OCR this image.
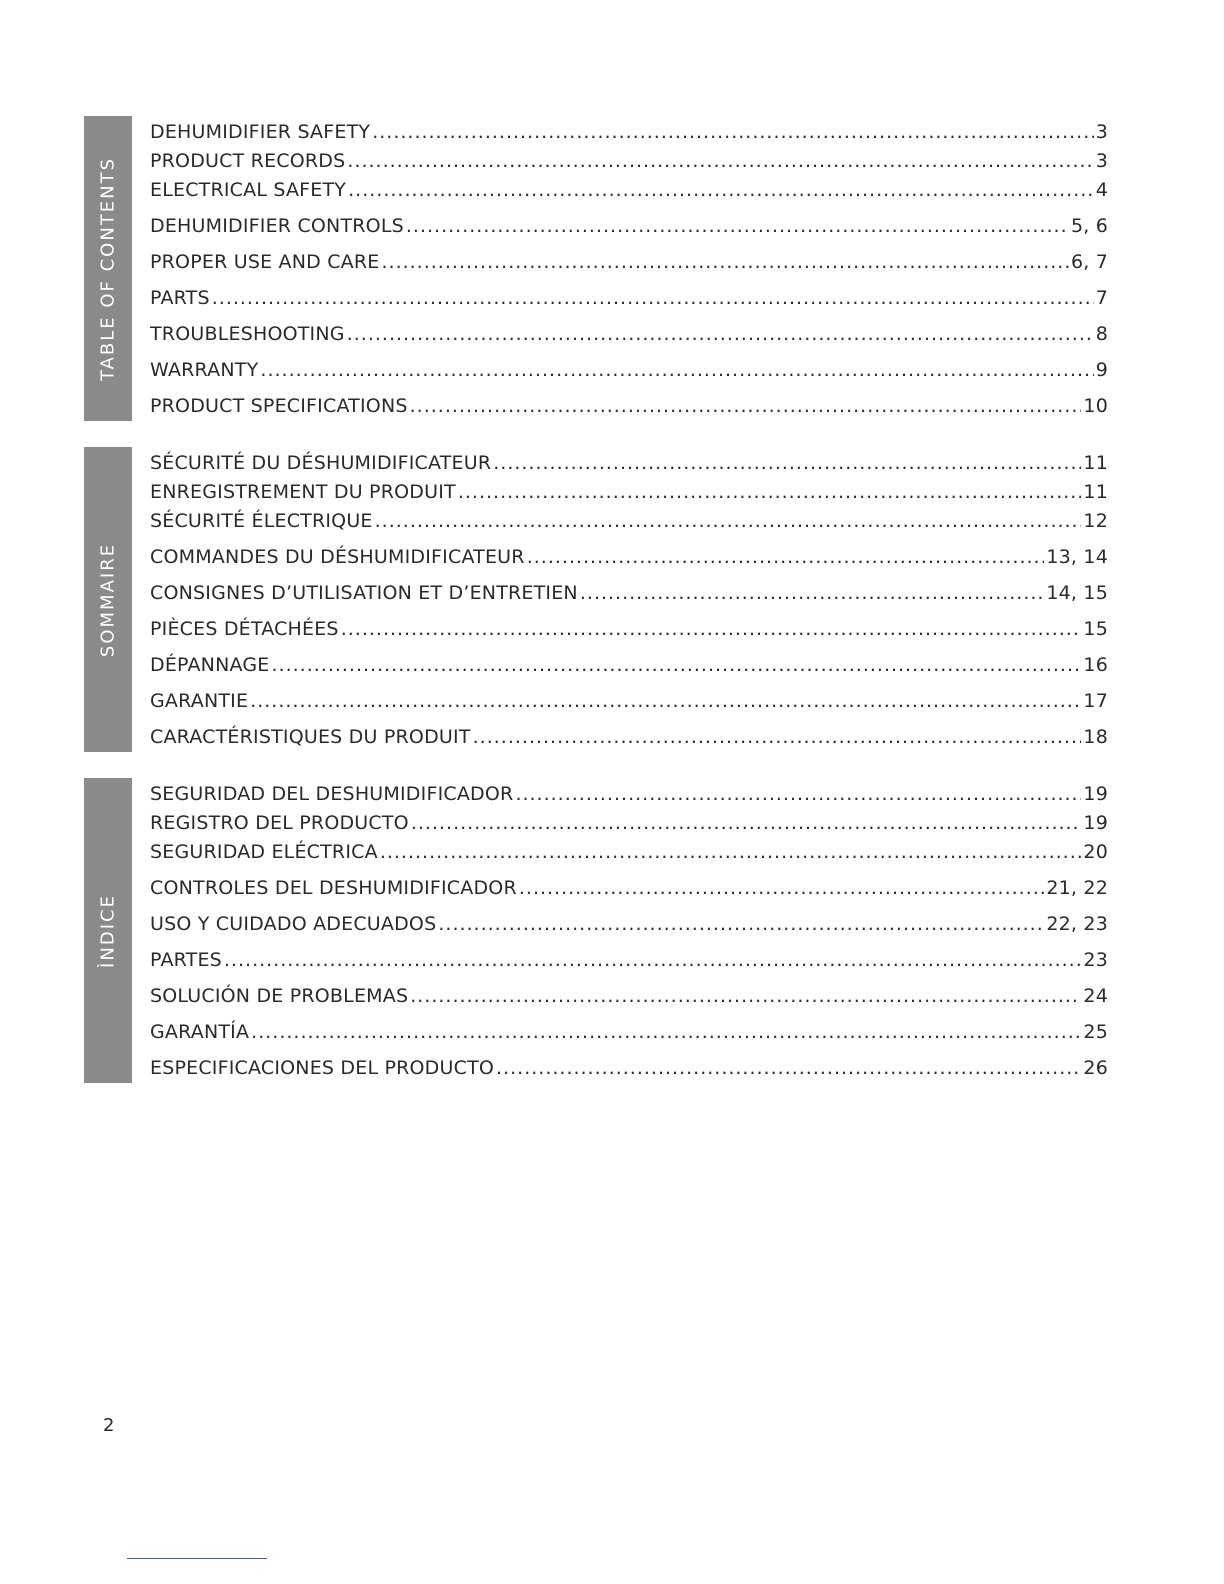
TABLE OF CONTENTS
DEHUMIDIFIER SAFETY .....	3
PRODUCT RECORDS .....	3
ELECTRICAL SAFETY .....	4
DEHUMIDIFIER CONTROLS .....	5, 6
PROPER USE AND CARE .....	6, 7
PARTS .....	7
TROUBLESHOOTING .....	8
WARRANTY .....	9
PRODUCT SPECIFICATIONS .....	10
SOMMAIRE
SÉCURITÉ DU DÉSHUMIDIFICATEUR .....	11
ENREGISTREMENT DU PRODUIT .....	11
SÉCURITÉ ÉLECTRIQUE .....	12
COMMANDES DU DÉSHUMIDIFICATEUR .....	13, 14
CONSIGNES D’UTILISATION ET D’ENTRETIEN .....	14, 15
PIÈCES DÉTACHÉES .....	15
DÉPANNAGE .....	16
GARANTIE .....	17
CARACTÉRISTIQUES DU PRODUIT .....	18
ÌNDICE
SEGURIDAD DEL DESHUMIDIFICADOR .....	19
REGISTRO DEL PRODUCTO .....	19
SEGURIDAD ELÉCTRICA .....	20
CONTROLES DEL DESHUMIDIFICADOR .....	21, 22
USO Y CUIDADO ADECUADOS .....	22, 23
PARTES .....	23
SOLUCIÓN DE PROBLEMAS .....	24
GARANTÍA .....	25
ESPECIFICACIONES DEL PRODUCTO .....	26
2
